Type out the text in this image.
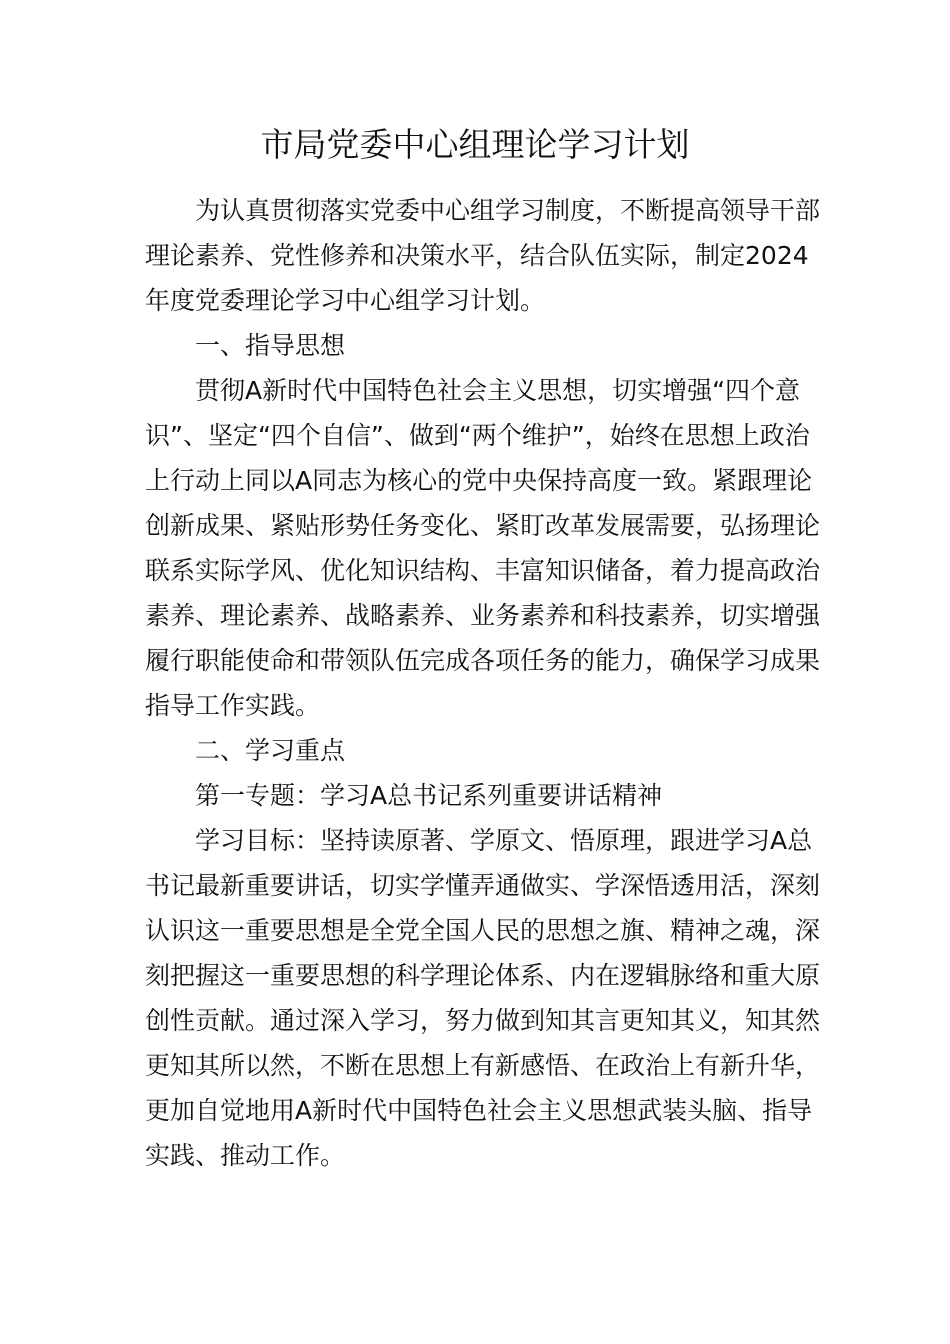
市局党委中心组理论学习计划

为认真贯彻落实党委中心组学习制度，不断提高领导干部理论素养、党性修养和决策水平，结合队伍实际，制定2024年度党委理论学习中心组学习计划。

一、指导思想

贯彻A新时代中国特色社会主义思想，切实增强“四个意识”、坚定“四个自信”、做到“两个维护”，始终在思想上政治上行动上同以A同志为核心的党中央保持高度一致。紧跟理论创新成果、紧贴形势任务变化、紧盯改革发展需要，弘扬理论联系实际学风、优化知识结构、丰富知识储备，着力提高政治素养、理论素养、战略素养、业务素养和科技素养，切实增强履行职能使命和带领队伍完成各项任务的能力，确保学习成果指导工作实践。

二、学习重点

第一专题：学习A总书记系列重要讲话精神

学习目标：坚持读原著、学原文、悟原理，跟进学习A总书记最新重要讲话，切实学懂弄通做实、学深悟透用活，深刻认识这一重要思想是全党全国人民的思想之旗、精神之魂，深刻把握这一重要思想的科学理论体系、内在逻辑脉络和重大原创性贡献。通过深入学习，努力做到知其言更知其义，知其然更知其所以然，不断在思想上有新感悟、在政治上有新升华，更加自觉地用A新时代中国特色社会主义思想武装头脑、指导实践、推动工作。
